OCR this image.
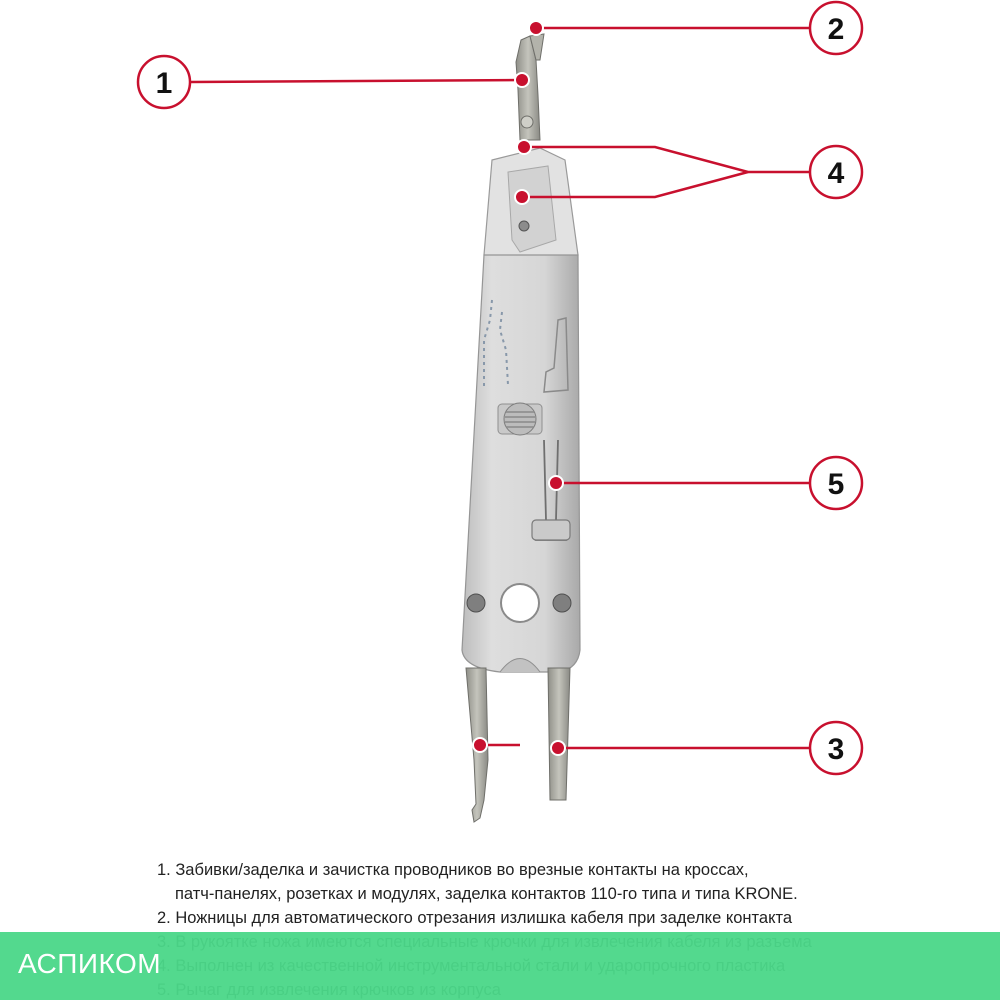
1
2
3
4
5
1. Забивки/заделка и зачистка проводников во врезные контакты на кроссах,
патч-панелях, розетках и модулях, заделка контактов 110-го типа и типа KRONE.
2. Ножницы для автоматического отрезания излишка кабеля при заделке контакта
АСПИКОМ
